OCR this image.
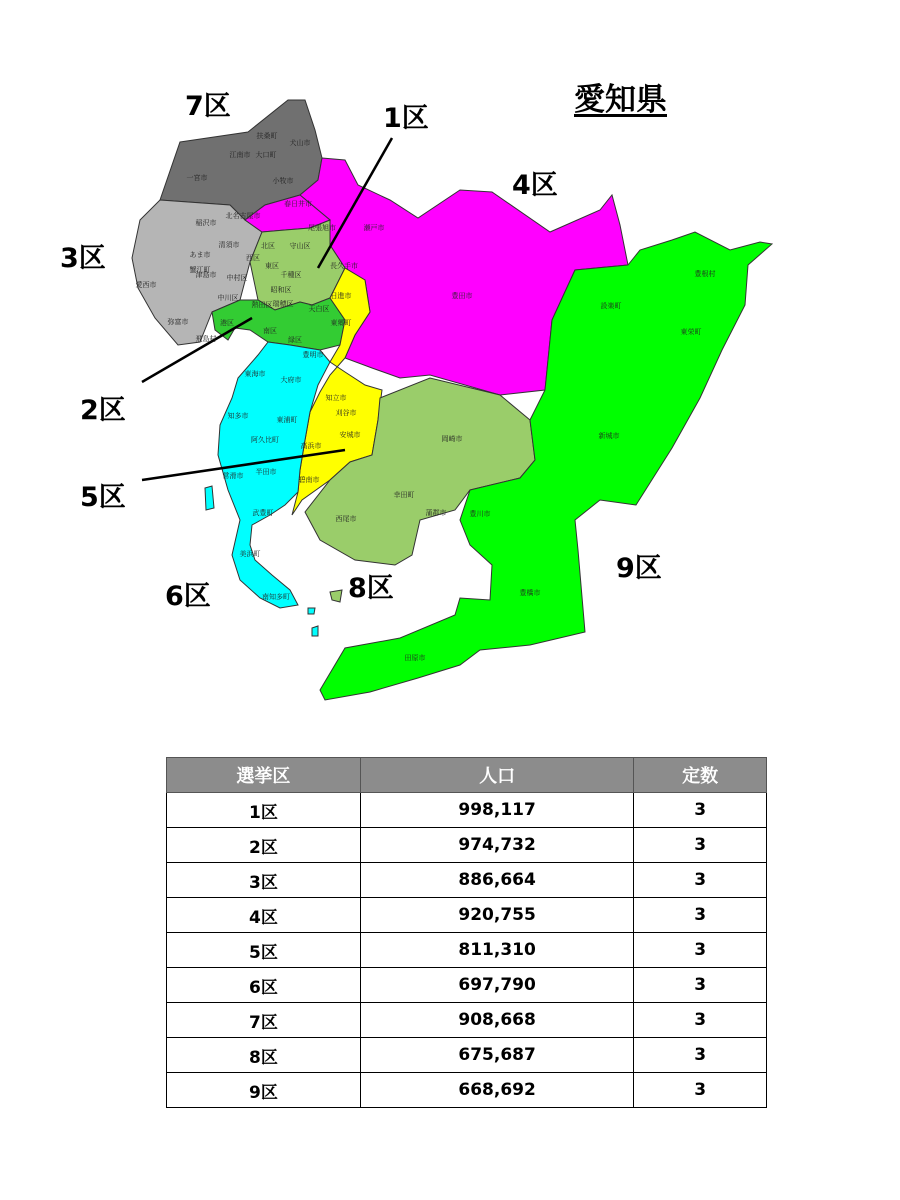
犬山市
扶桑町
江南市 大口町
一宮市	小牧市
春日井市
稲沢市
北名古屋市
清須市
あま市
津島市
愛西市
弥富市
蟹江町
飛島村
中川区
中村区
西区
北区 守山区
東区
千種区
尾張旭市	瀬戸市
長久手市
日進市
東郷町
天白区
昭和区
瑞穂区
熱田区
港区
南区
緑区
豊明市
東海市
大府市
知多市	東浦町
阿久比町
常滑市 半田市
武豊町
美浜町
南知多町
知立市
刈谷市
安城市
高浜市
碧南市
西尾市
幸田町
蒲郡市
岡崎市
豊田市
設楽町
豊根村
東栄町
新城市
豊川市
豊橋市
田原市
愛知県
1区
2区
3区
4区
5区
6区
7区
8区
9区
選挙区	人口	定数
1区	998,117	3
2区	974,732	3
3区	886,664	3
4区	920,755	3
5区	811,310	3
6区	697,790	3
7区	908,668	3
8区	675,687	3
9区	668,692	3
